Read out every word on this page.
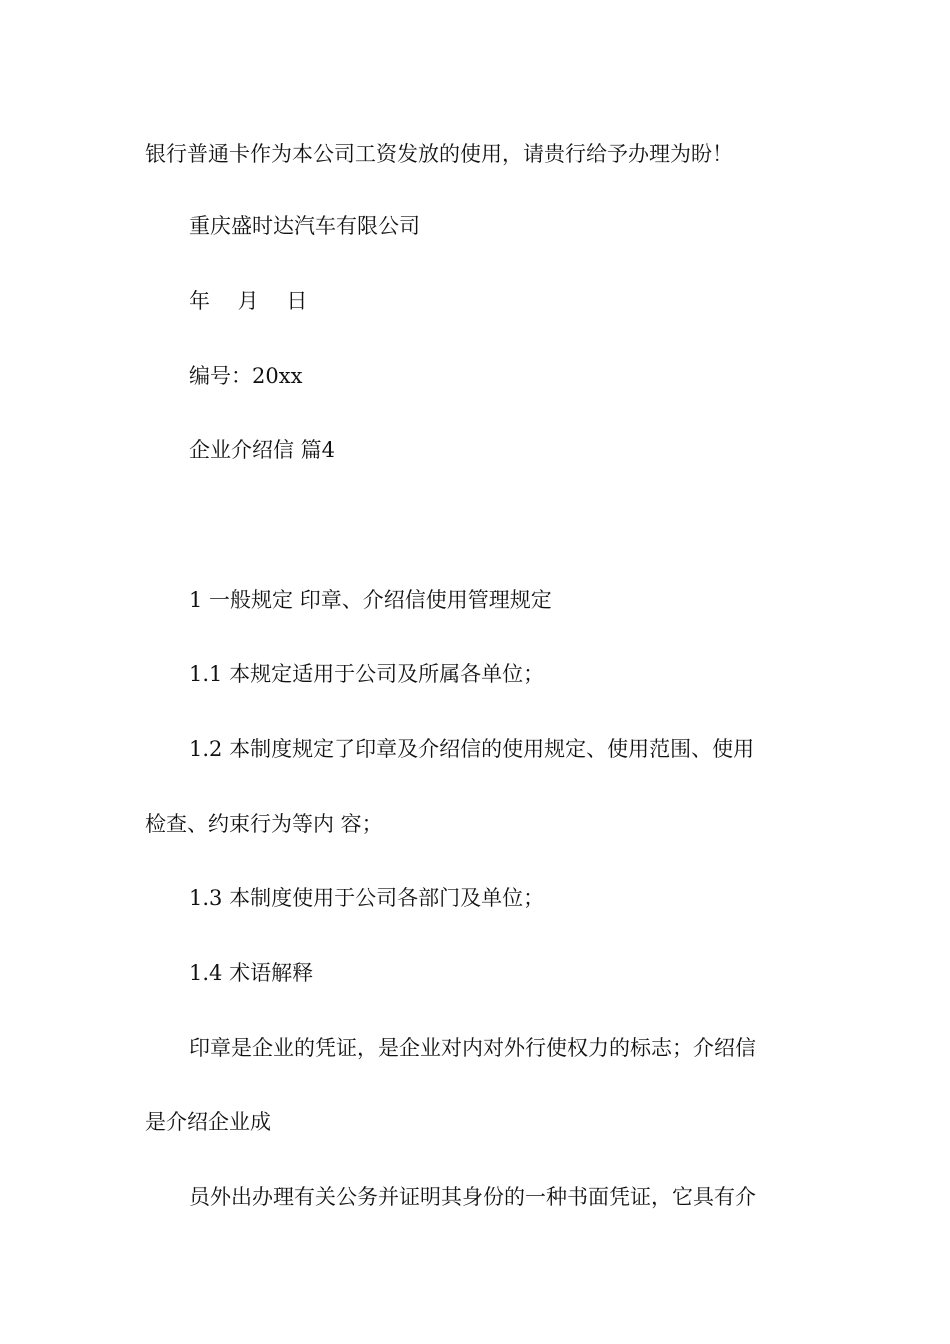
银行普通卡作为本公司工资发放的使用，请贵行给予办理为盼！

重庆盛时达汽车有限公司

年　 月　 日

编号：20xx

企业介绍信 篇4

1 一般规定 印章、介绍信使用管理规定

1.1 本规定适用于公司及所属各单位；

1.2 本制度规定了印章及介绍信的使用规定、使用范围、使用

检查、约束行为等内 容；

1.3 本制度使用于公司各部门及单位；

1.4 术语解释

印章是企业的凭证，是企业对内对外行使权力的标志；介绍信

是介绍企业成

员外出办理有关公务并证明其身份的一种书面凭证，它具有介
